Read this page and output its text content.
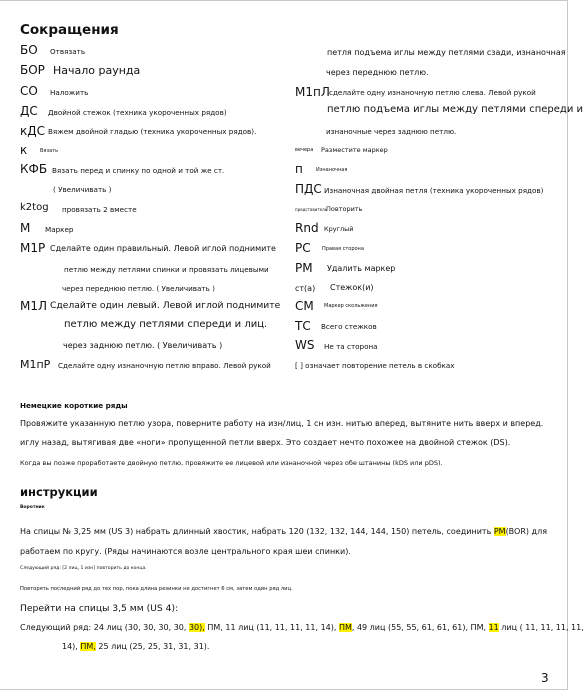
Сокращения
БО Отвязать
БОР Начало раунда
СО Наложить
ДС Двойной стежок (техника укороченных рядов)
кДС Вяжем двойной гладью (техника укороченных рядов).
к	Вязать
КФБ Вязать перед и спинку по одной и той же ст.
( Увеличивать )
k2tog провязать 2 вместе
М Маркер
М1Р Сделайте один правильный. Левой иглой поднимите
петлю между петлями спинки и провязать лицевыми
через переднюю петлю. ( Увеличивать )
М1Л Сделайте один левый. Левой иглой поднимите
петлю между петлями спереди и лиц.
через заднюю петлю. ( Увеличивать )
М1пР Сделайте одну изнаночную петлю вправо. Левой рукой
петля подъема иглы между петлями сзади, изнаночная
через переднюю петлю.
М1пЛ сделайте одну изнаночную петлю слева. Левой рукой
петлю подъема иглы между петлями спереди и
изнаночные через заднюю петлю.
вечера Разместите маркер
п	Изнаночная
ПДС Изнаночная двойная петля (техника укороченных рядов)
представитель
Повторить
Rnd Круглый
РС Правая сторона
РМ Удалить маркер
ст(а) Стежок(и)
СМ Маркер скольжения
ТС Всего стежков
WS Не та сторона
[ ] означает повторение петель в скобках
Немецкие короткие ряды
Провяжите указанную петлю узора, поверните работу на изн/лиц, 1 сн изн. нитью вперед, вытяните нить вверх и вперед.
иглу назад, вытягивая две «ноги» пропущенной петли вверх. Это создает нечто похожее на двойной стежок (DS).
Когда вы позже проработаете двойную петлю, провяжите ее лицевой или изнаночной через обе штанины (kDS или pDS).
инструкции
Воротник
На спицы № 3,25 мм (US 3) набрать длинный хвостик, набрать 120 (132, 132, 144, 144, 150) петель, соединить РМ(BOR) для
работаем по кругу. (Ряды начинаются возле центрального края шеи спинки).
Следующий ряд: [2 лиц, 1 изн] повторить до конца.
Повторять последний ряд до тех пор, пока длина резинки не достигнет 6 см, затем один ряд лиц.
Перейти на спицы 3,5 мм (US 4):
Следующий ряд: 24 лиц (30, 30, 30, 30, 30), ПМ, 11 лиц (11, 11, 11, 11, 14), ПМ, 49 лиц (55, 55, 61, 61, 61), ПМ, 11 лиц ( 11, 11, 11, 11,
14), ПМ, 25 лиц (25, 25, 31, 31, 31).
3
